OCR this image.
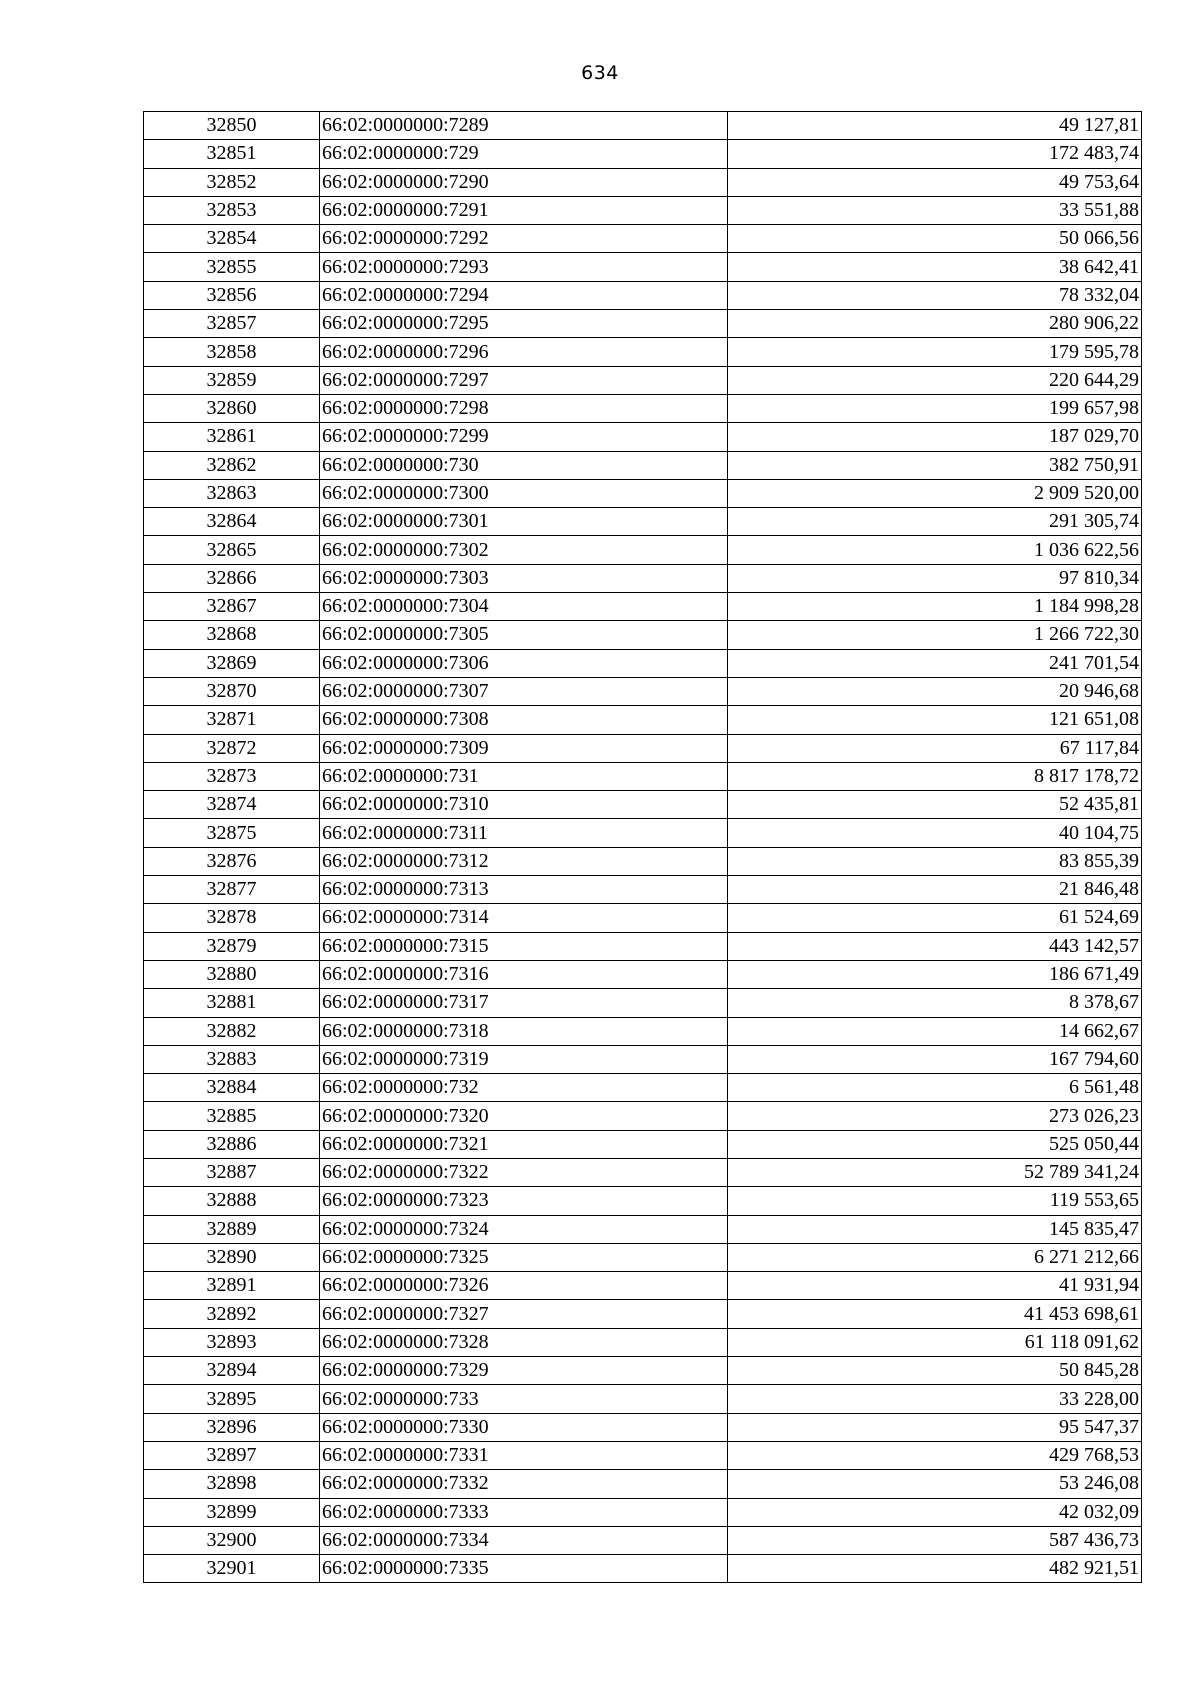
634
32850	66:02:0000000:7289	49 127,81
32851	66:02:0000000:729	172 483,74
32852	66:02:0000000:7290	49 753,64
32853	66:02:0000000:7291	33 551,88
32854	66:02:0000000:7292	50 066,56
32855	66:02:0000000:7293	38 642,41
32856	66:02:0000000:7294	78 332,04
32857	66:02:0000000:7295	280 906,22
32858	66:02:0000000:7296	179 595,78
32859	66:02:0000000:7297	220 644,29
32860	66:02:0000000:7298	199 657,98
32861	66:02:0000000:7299	187 029,70
32862	66:02:0000000:730	382 750,91
32863	66:02:0000000:7300	2 909 520,00
32864	66:02:0000000:7301	291 305,74
32865	66:02:0000000:7302	1 036 622,56
32866	66:02:0000000:7303	97 810,34
32867	66:02:0000000:7304	1 184 998,28
32868	66:02:0000000:7305	1 266 722,30
32869	66:02:0000000:7306	241 701,54
32870	66:02:0000000:7307	20 946,68
32871	66:02:0000000:7308	121 651,08
32872	66:02:0000000:7309	67 117,84
32873	66:02:0000000:731	8 817 178,72
32874	66:02:0000000:7310	52 435,81
32875	66:02:0000000:7311	40 104,75
32876	66:02:0000000:7312	83 855,39
32877	66:02:0000000:7313	21 846,48
32878	66:02:0000000:7314	61 524,69
32879	66:02:0000000:7315	443 142,57
32880	66:02:0000000:7316	186 671,49
32881	66:02:0000000:7317	8 378,67
32882	66:02:0000000:7318	14 662,67
32883	66:02:0000000:7319	167 794,60
32884	66:02:0000000:732	6 561,48
32885	66:02:0000000:7320	273 026,23
32886	66:02:0000000:7321	525 050,44
32887	66:02:0000000:7322	52 789 341,24
32888	66:02:0000000:7323	119 553,65
32889	66:02:0000000:7324	145 835,47
32890	66:02:0000000:7325	6 271 212,66
32891	66:02:0000000:7326	41 931,94
32892	66:02:0000000:7327	41 453 698,61
32893	66:02:0000000:7328	61 118 091,62
32894	66:02:0000000:7329	50 845,28
32895	66:02:0000000:733	33 228,00
32896	66:02:0000000:7330	95 547,37
32897	66:02:0000000:7331	429 768,53
32898	66:02:0000000:7332	53 246,08
32899	66:02:0000000:7333	42 032,09
32900	66:02:0000000:7334	587 436,73
32901	66:02:0000000:7335	482 921,51
